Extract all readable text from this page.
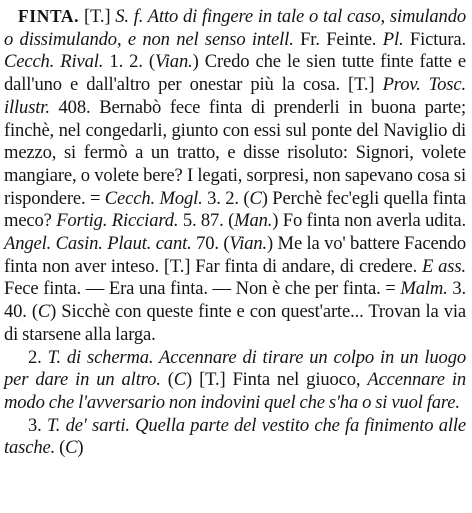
FINTA. [T.] S. f. Atto di fingere in tale o tal caso, simulando o dissimulando, e non nel senso intell. Fr. Feinte. Pl. Fictura. Cecch. Rival. 1. 2. (Vian.) Credo che le sien tutte finte fatte e dall'uno e dall'altro per onestar più la cosa. [T.] Prov. Tosc. illustr. 408. Bernabò fece finta di prenderli in buona parte; finchè, nel congedarli, giunto con essi sul ponte del Naviglio di mezzo, si fermò a un tratto, e disse risoluto: Signori, volete mangiare, o volete bere? I legati, sorpresi, non sapevano cosa si rispondere. = Cecch. Mogl. 3. 2. (C) Perchè fec'egli quella finta meco? Fortig. Ricciard. 5. 87. (Man.) Fo finta non averla udita. Angel. Casin. Plaut. cant. 70. (Vian.) Me la vo' battere Facendo finta non aver inteso. [T.] Far finta di andare, di credere. E ass. Fece finta. — Era una finta. — Non è che per finta. = Malm. 3. 40. (C) Sicchè con queste finte e con quest'arte... Trovan la via di starsene alla larga.

2. T. di scherma. Accennare di tirare un colpo in un luogo per dare in un altro. (C) [T.] Finta nel giuoco, Accennare in modo che l'avversario non indovini quel che s'ha o si vuol fare.

3. T. de' sarti. Quella parte del vestito che fa finimento alle tasche. (C)
